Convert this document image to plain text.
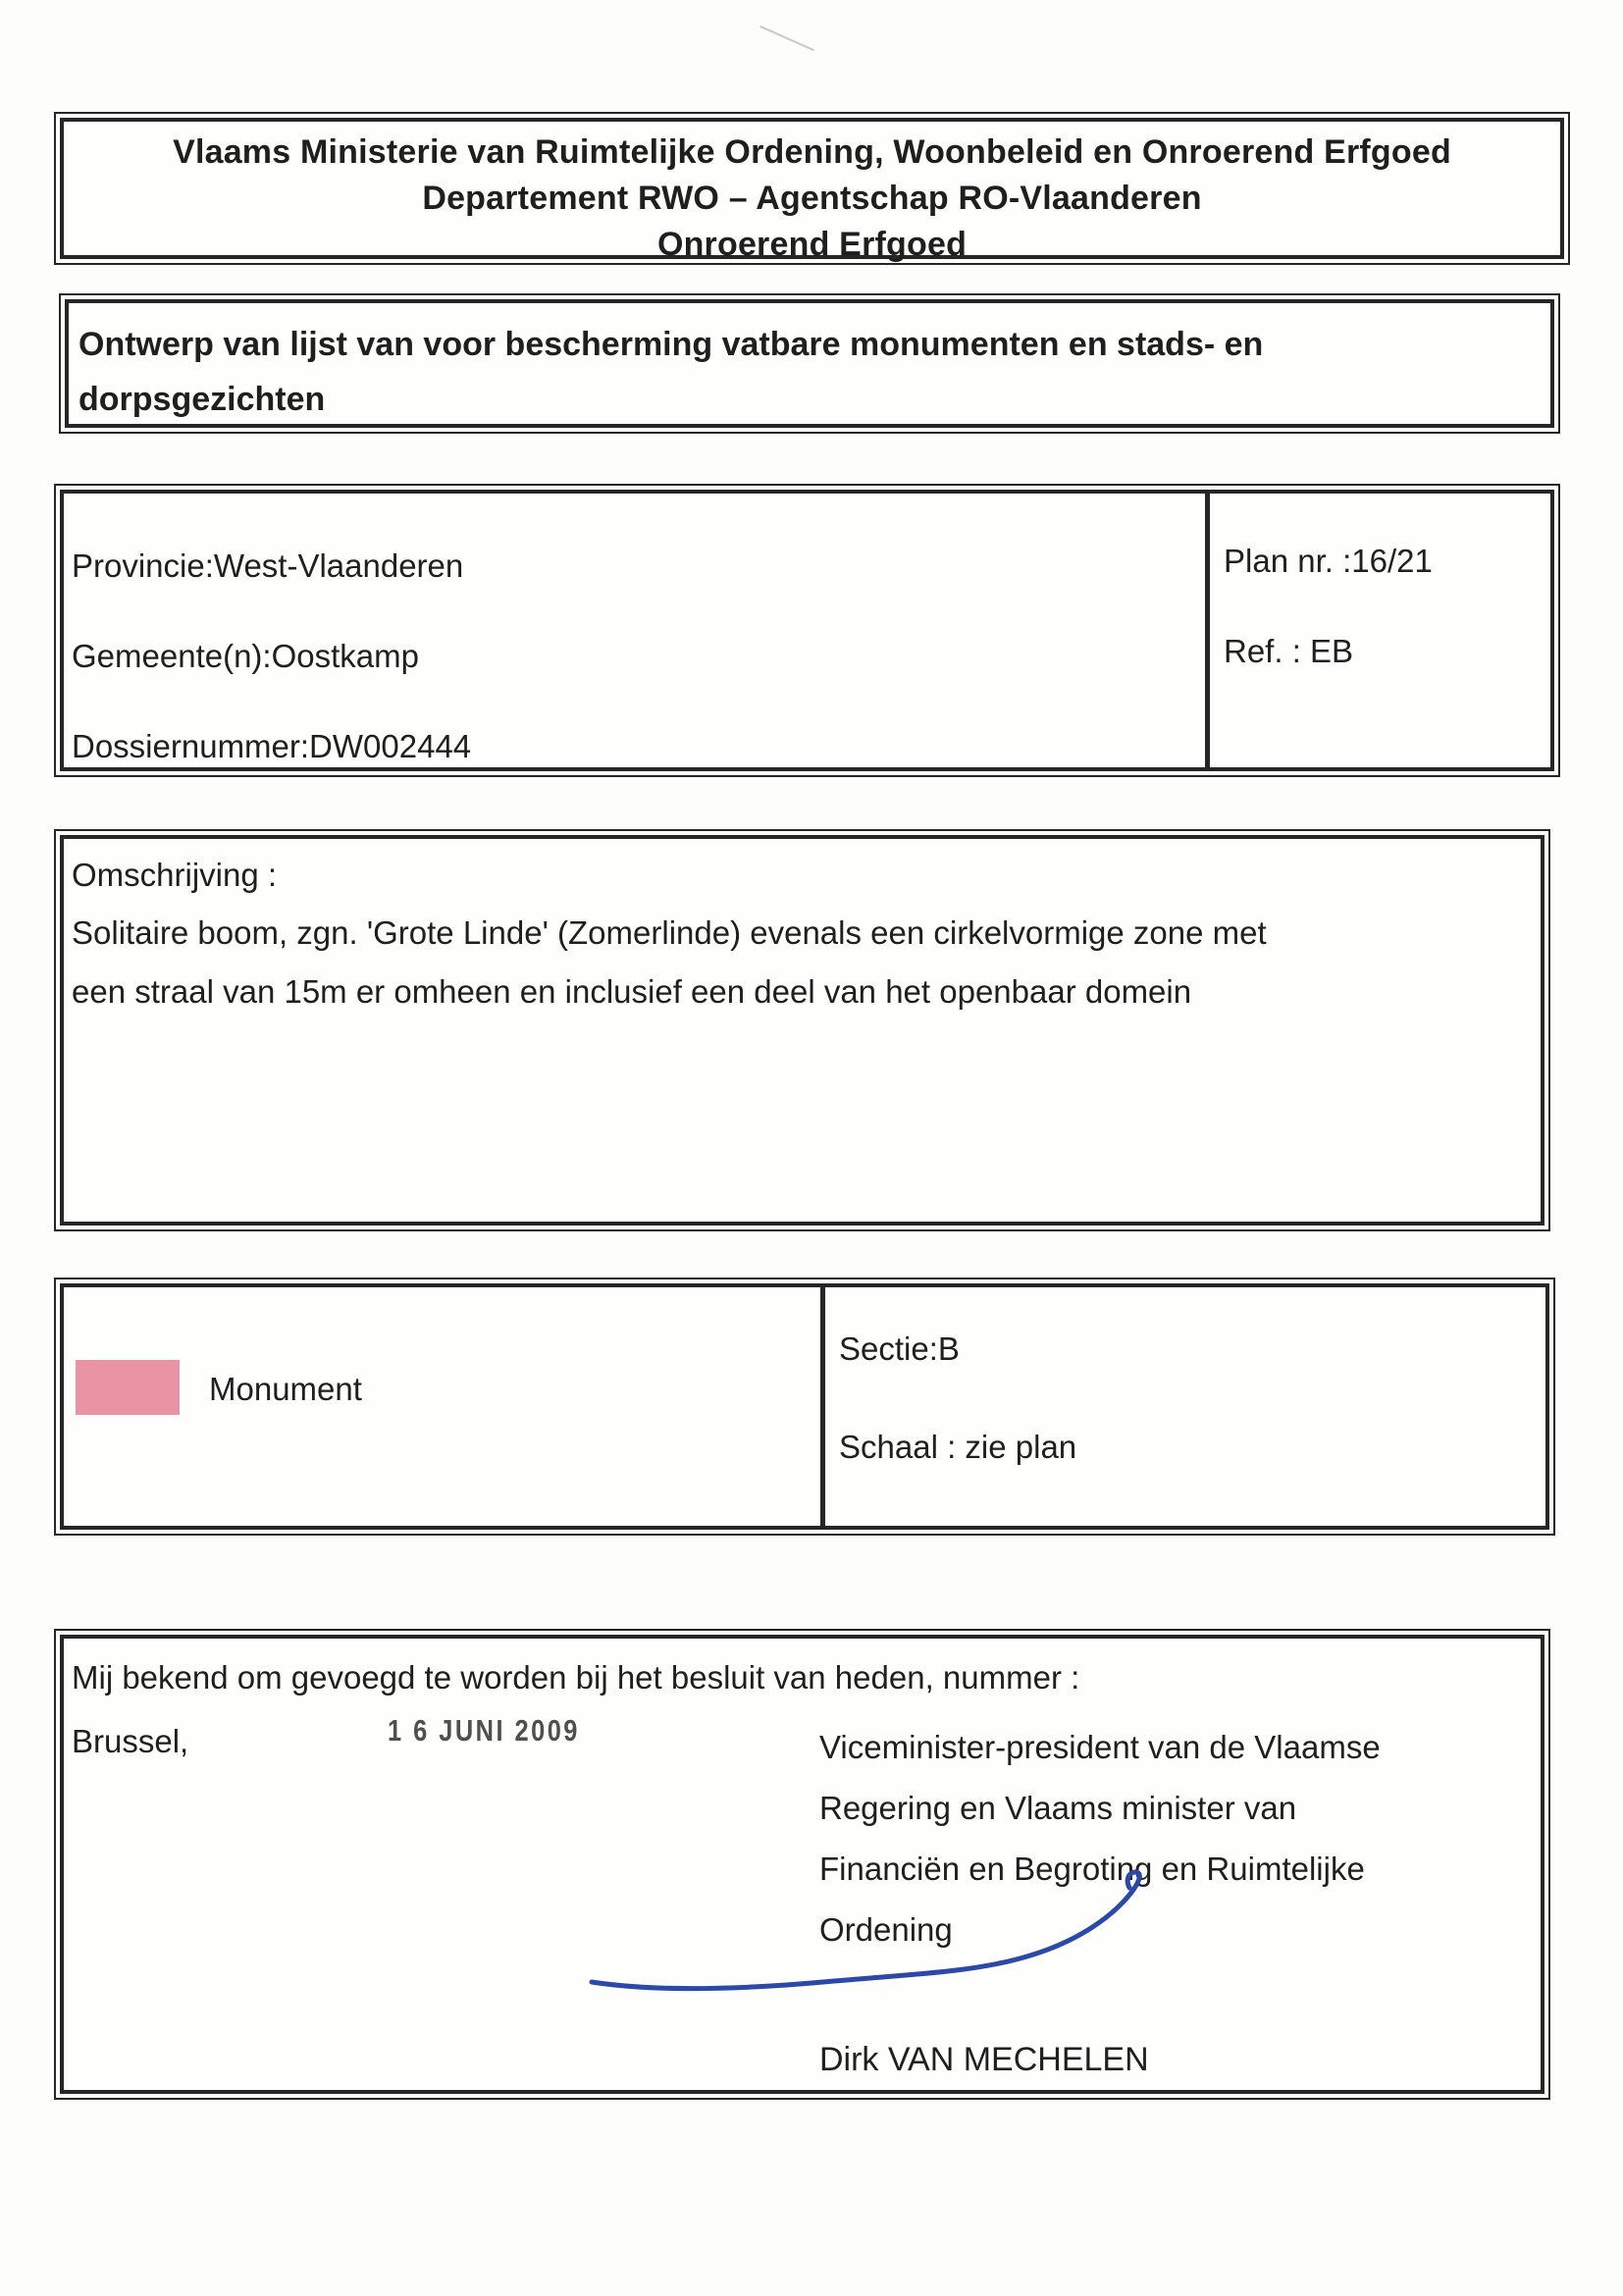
Vlaams Ministerie van Ruimtelijke Ordening, Woonbeleid en Onroerend Erfgoed
Departement RWO – Agentschap RO-Vlaanderen
Onroerend Erfgoed
Ontwerp van lijst van voor bescherming vatbare monumenten en stads- en
dorpsgezichten
Provincie:West-Vlaanderen
Gemeente(n):Oostkamp
Dossiernummer:DW002444
Plan nr. :16/21
Ref. : EB
Omschrijving :
Solitaire boom, zgn. 'Grote Linde' (Zomerlinde) evenals een cirkelvormige zone met
een straal van 15m er omheen en inclusief een deel van het openbaar domein
Monument
Sectie:B
Schaal : zie plan
Mij bekend om gevoegd te worden bij het besluit van heden, nummer :
Brussel,	1 6 JUNI 2009	Viceminister-president van de Vlaamse
Regering en Vlaams minister van
Financiën en Begroting en Ruimtelijke
Ordening
Dirk VAN MECHELEN
